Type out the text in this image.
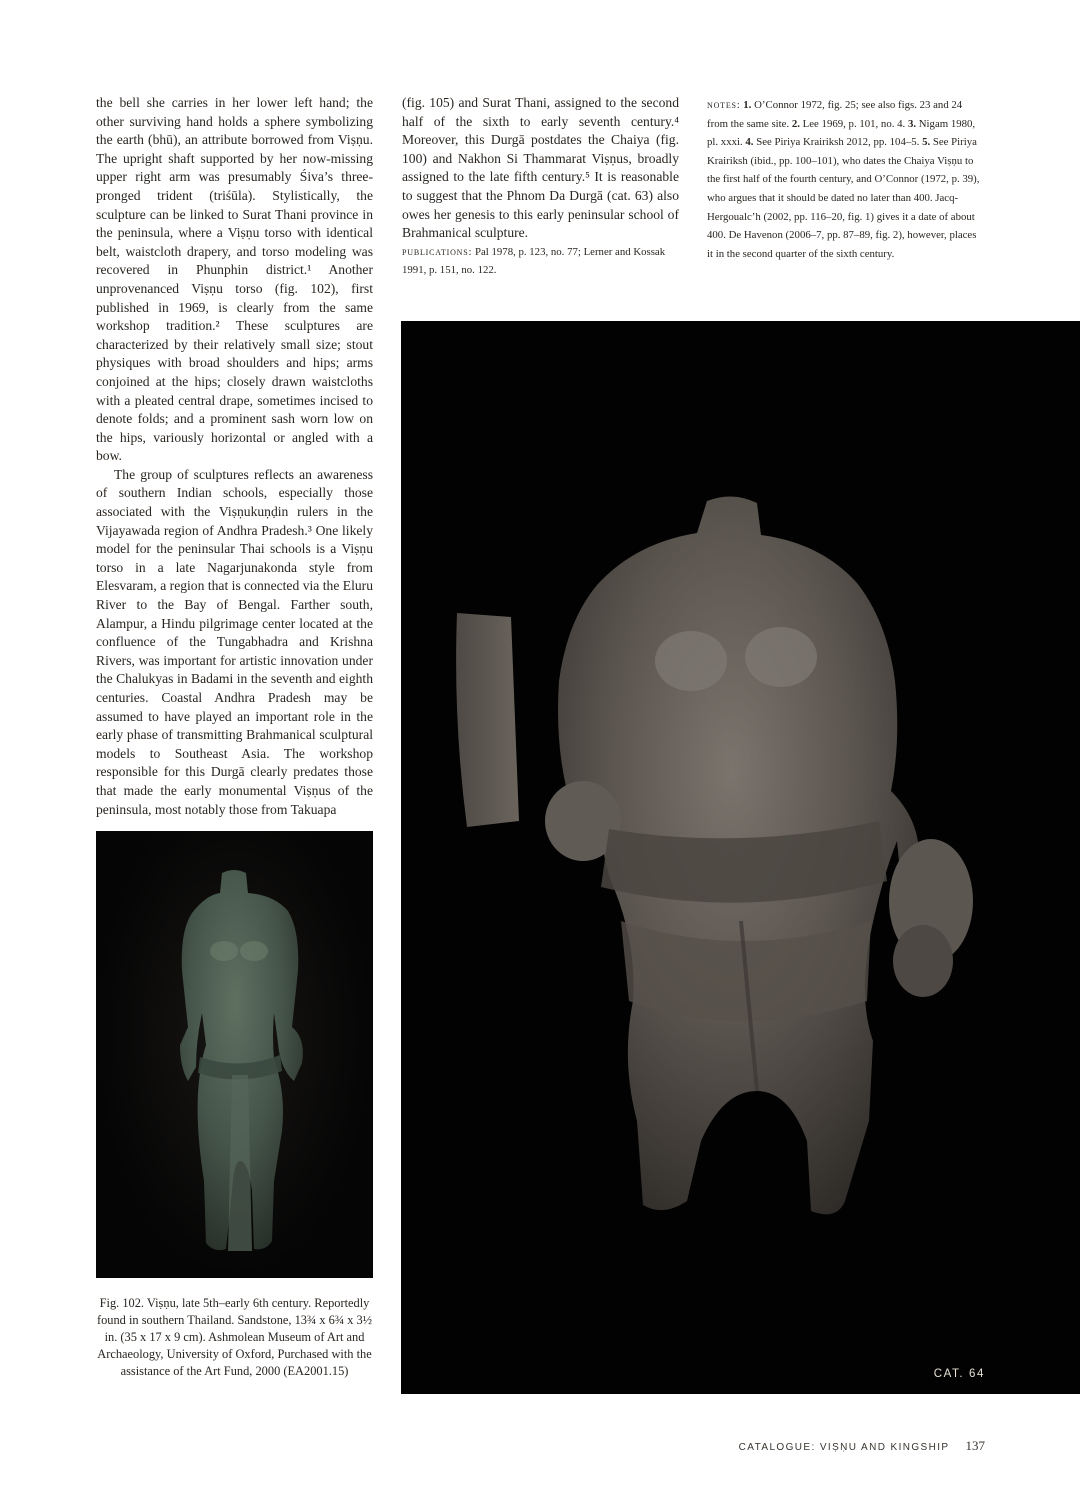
the bell she carries in her lower left hand; the other surviving hand holds a sphere symbolizing the earth (bhū), an attribute borrowed from Viṣṇu. The upright shaft supported by her now-missing upper right arm was presumably Śiva’s three-pronged trident (triśūla). Stylistically, the sculpture can be linked to Surat Thani province in the peninsula, where a Viṣṇu torso with identical belt, waistcloth drapery, and torso modeling was recovered in Phunphin district.¹ Another unprovenanced Viṣṇu torso (fig. 102), first published in 1969, is clearly from the same workshop tradition.² These sculptures are characterized by their relatively small size; stout physiques with broad shoulders and hips; arms conjoined at the hips; closely drawn waistcloths with a pleated central drape, sometimes incised to denote folds; and a prominent sash worn low on the hips, variously horizontal or angled with a bow.

The group of sculptures reflects an awareness of southern Indian schools, especially those associated with the Viṣṇukuṇḍin rulers in the Vijayawada region of Andhra Pradesh.³ One likely model for the peninsular Thai schools is a Viṣṇu torso in a late Nagarjunakonda style from Elesvaram, a region that is connected via the Eluru River to the Bay of Bengal. Farther south, Alampur, a Hindu pilgrimage center located at the confluence of the Tungabhadra and Krishna Rivers, was important for artistic innovation under the Chalukyas in Badami in the seventh and eighth centuries. Coastal Andhra Pradesh may be assumed to have played an important role in the early phase of transmitting Brahmanical sculptural models to Southeast Asia. The workshop responsible for this Durgā clearly predates those that made the early monumental Viṣṇus of the peninsula, most notably those from Takuapa

(fig. 105) and Surat Thani, assigned to the second half of the sixth to early seventh century.⁴ Moreover, this Durgā postdates the Chaiya (fig. 100) and Nakhon Si Thammarat Viṣṇus, broadly assigned to the late fifth century.⁵ It is reasonable to suggest that the Phnom Da Durgā (cat. 63) also owes her genesis to this early peninsular school of Brahmanical sculpture.

publications: Pal 1978, p. 123, no. 77; Lerner and Kossak 1991, p. 151, no. 122.

notes: 1. O’Connor 1972, fig. 25; see also figs. 23 and 24 from the same site. 2. Lee 1969, p. 101, no. 4. 3. Nigam 1980, pl. xxxi. 4. See Piriya Krairiksh 2012, pp. 104–5. 5. See Piriya Krairiksh (ibid., pp. 100–101), who dates the Chaiya Viṣṇu to the first half of the fourth century, and O’Connor (1972, p. 39), who argues that it should be dated no later than 400. Jacq-Hergoualc’h (2002, pp. 116–20, fig. 1) gives it a date of about 400. De Havenon (2006–7, pp. 87–89, fig. 2), however, places it in the second quarter of the sixth century.
Fig. 102. Viṣṇu, late 5th–early 6th century. Reportedly found in southern Thailand. Sandstone, 13¾ x 6¾ x 3½ in. (35 x 17 x 9 cm). Ashmolean Museum of Art and Archaeology, University of Oxford, Purchased with the assistance of the Art Fund, 2000 (EA2001.15)	CAT. 64
CATALOGUE: VIṢṆU AND KINGSHIP 137
